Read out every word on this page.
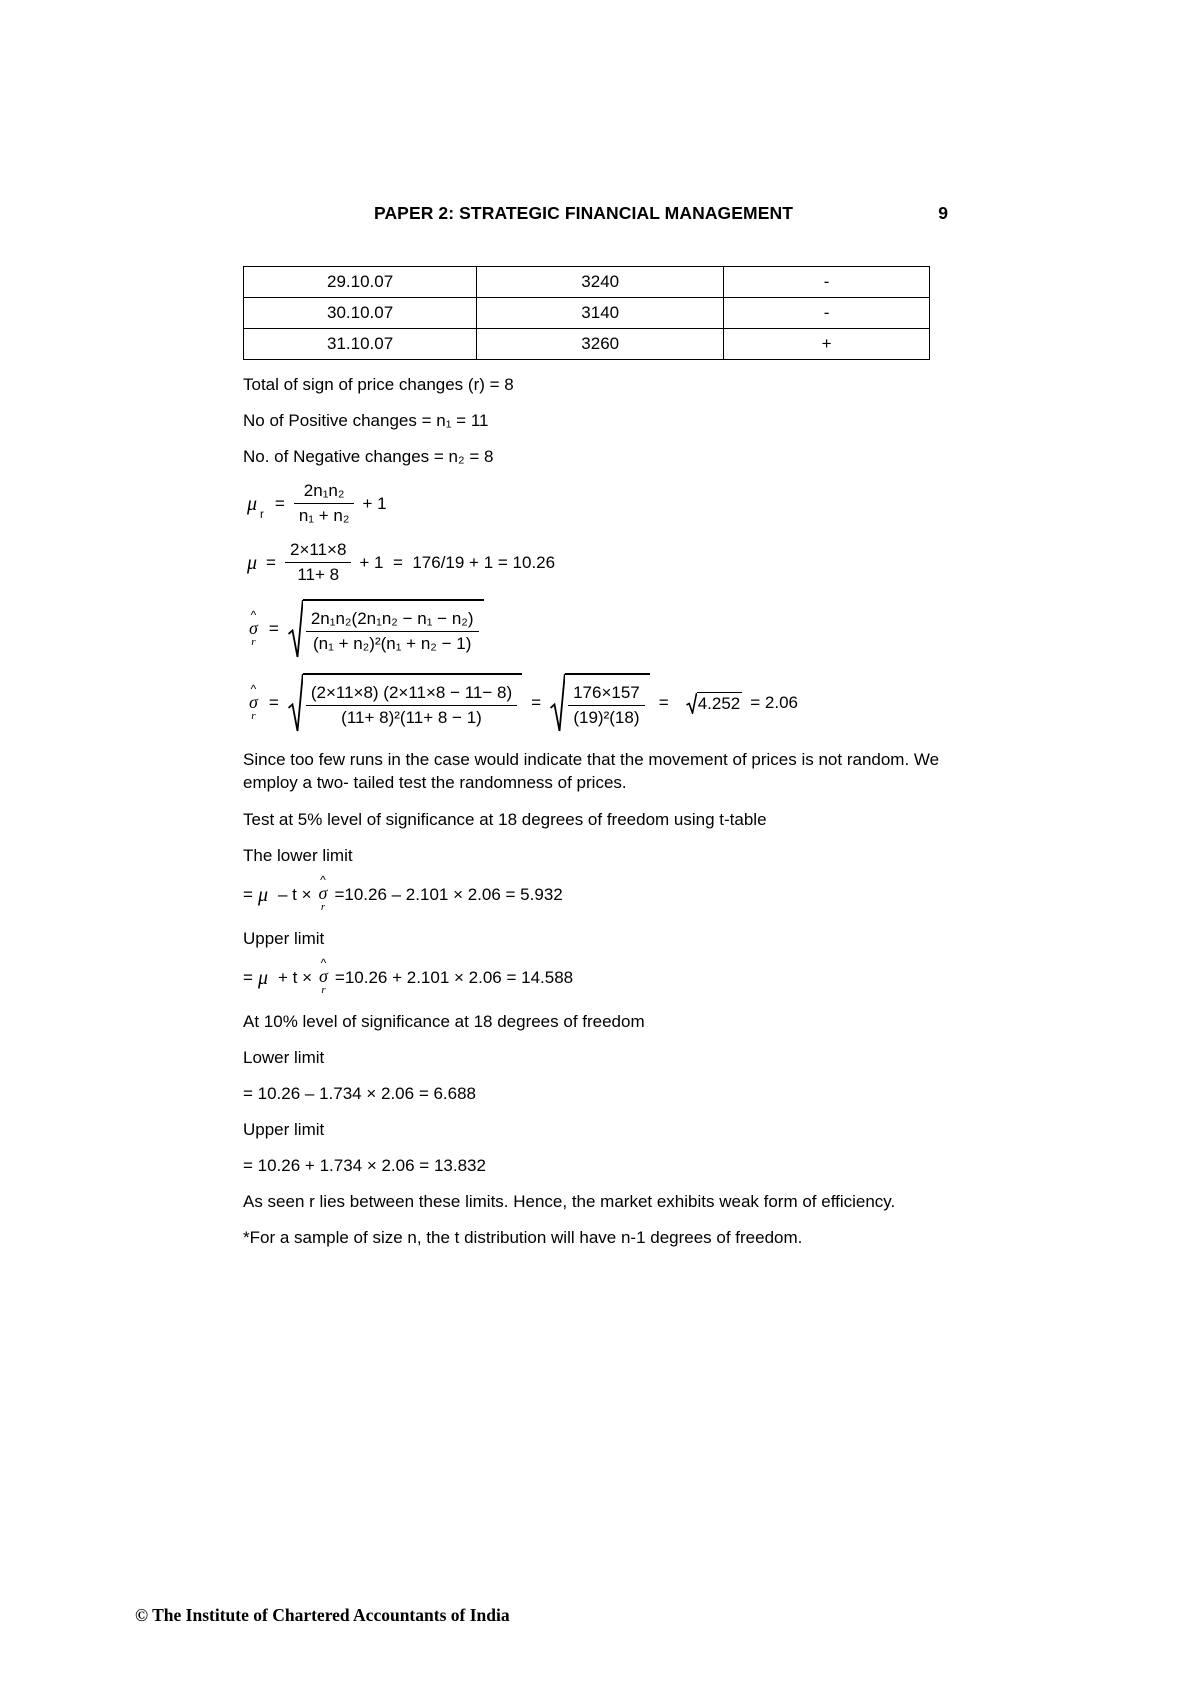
PAPER 2: STRATEGIC FINANCIAL MANAGEMENT	9
29.10.07	3240	-
30.10.07	3140	-
31.10.07	3260	+
Total of sign of price changes (r) = 8
No of Positive changes = n₁ = 11
No. of Negative changes = n₂ = 8
μ
r
= $\frac{\text{2n₁n₂}}{\text{n₁ + n₂}} + 1$
$\mu = \frac{2\times 11\times 8}{11+ 8} + 1 = 176/19 + 1 = 10.26$
^
σ
r
= $\frac{\text{2n₁n₂(2n₁n₂ − n₁ − n₂)}}{\text{(n₁ + n₂)²(n₁ + n₂ − 1)}}$
^
σ
r
= $\frac{(2\times 11\times 8) (2\times 11\times 8 - 11- 8)}{\text{(11+ 8)²(11+ 8 − 1)}} = \frac{176\times 157}{\text{(19)²(18)}} = 4.252 = 2.06$
Since too few runs in the case would indicate that the movement of prices is not random. We employ a two- tailed test the randomness of prices.
Test at 5% level of significance at 18 degrees of freedom using t-table
The lower limit
= μ – t ×
^
σ
r
=10.26 – 2.101 × 2.06 = 5.932
Upper limit
= μ + t ×
^
σ
r
=10.26 + 2.101 × 2.06 = 14.588
At 10% level of significance at 18 degrees of freedom
Lower limit
= 10.26 – 1.734 × 2.06 = 6.688
Upper limit
= 10.26 + 1.734 × 2.06 = 13.832
As seen r lies between these limits. Hence, the market exhibits weak form of efficiency.
*For a sample of size n, the t distribution will have n-1 degrees of freedom.
© The Institute of Chartered Accountants of India
